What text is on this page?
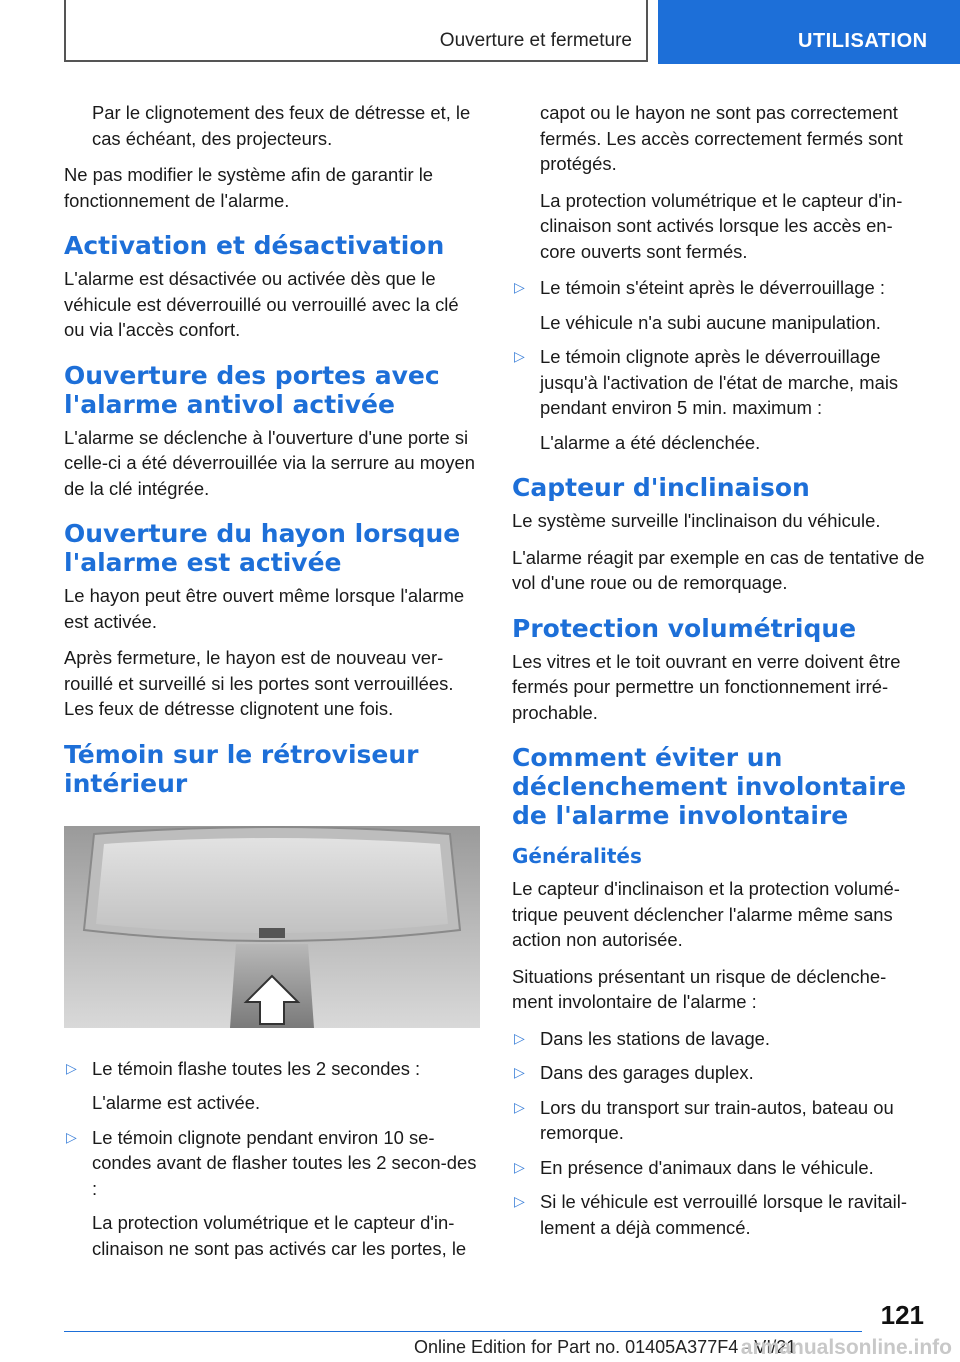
Ouverture et fermeture	UTILISATION

Par le clignotement des feux de détresse et, le cas échéant, des projecteurs.

Ne pas modifier le système afin de garantir le fonctionnement de l'alarme.

Activation et désactivation

L'alarme est désactivée ou activée dès que le véhicule est déverrouillé ou verrouillé avec la clé ou via l'accès confort.

Ouverture des portes avec l'alarme antivol activée

L'alarme se déclenche à l'ouverture d'une porte si celle-ci a été déverrouillée via la serrure au moyen de la clé intégrée.

Ouverture du hayon lorsque l'alarme est activée

Le hayon peut être ouvert même lorsque l'alarme est activée.

Après fermeture, le hayon est de nouveau ver-rouillé et surveillé si les portes sont verrouillées. Les feux de détresse clignotent une fois.

Témoin sur le rétroviseur intérieur
▷ Le témoin flashe toutes les 2 secondes :
L'alarme est activée.
▷ Le témoin clignote pendant environ 10 se-condes avant de flasher toutes les 2 secon-des :
La protection volumétrique et le capteur d'in-clinaison ne sont pas activés car les portes, le

capot ou le hayon ne sont pas correctement fermés. Les accès correctement fermés sont protégés.

La protection volumétrique et le capteur d'in-clinaison sont activés lorsque les accès en-core ouverts sont fermés.

▷ Le témoin s'éteint après le déverrouillage :
Le véhicule n'a subi aucune manipulation.
▷ Le témoin clignote après le déverrouillage jusqu'à l'activation de l'état de marche, mais pendant environ 5 min. maximum :
L'alarme a été déclenchée.
Capteur d'inclinaison

Le système surveille l'inclinaison du véhicule.

L'alarme réagit par exemple en cas de tentative de vol d'une roue ou de remorquage.

Protection volumétrique

Les vitres et le toit ouvrant en verre doivent être fermés pour permettre un fonctionnement irré-prochable.

Comment éviter un déclenchement involontaire de l'alarme involontaire
Généralités

Le capteur d'inclinaison et la protection volumé-trique peuvent déclencher l'alarme même sans action non autorisée.

Situations présentant un risque de déclenche-ment involontaire de l'alarme :

▷ Dans les stations de lavage.
▷ Dans des garages duplex.
▷ Lors du transport sur train-autos, bateau ou remorque.
▷ En présence d'animaux dans le véhicule.
▷ Si le véhicule est verrouillé lorsque le ravitail-lement a déjà commencé.
121
Online Edition for Part no. 01405A377F4 - VI/21
armanualsonline.info
